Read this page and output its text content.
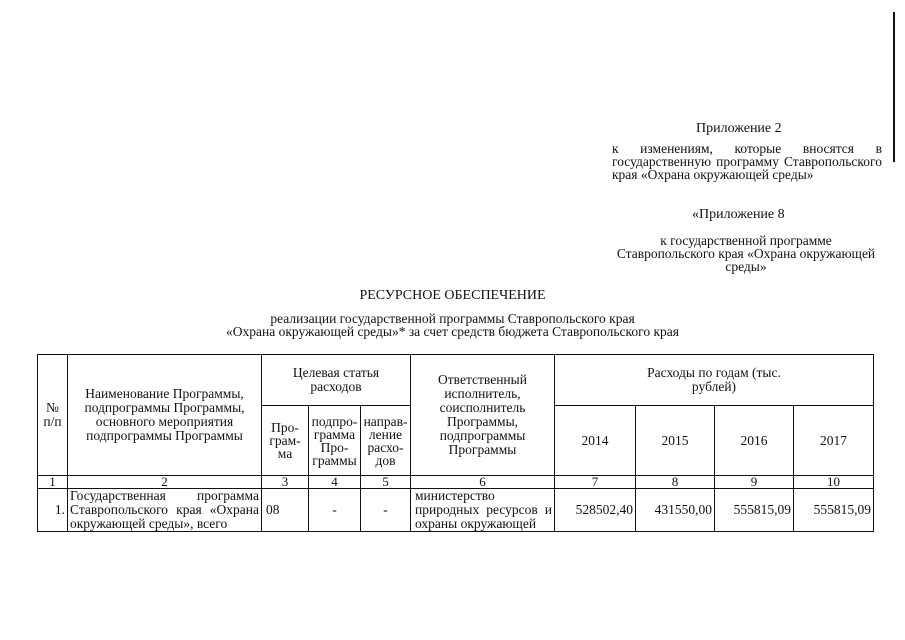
Приложение 2
к изменениям, которые вносятся в государственную программу Ставропольского края «Охрана окружающей среды»
«Приложение 8
к государственной программе Ставропольского края «Охрана окружающей среды»
РЕСУРСНОЕ ОБЕСПЕЧЕНИЕ
реализации государственной программы Ставропольского края
«Охрана окружающей среды»* за счет средств бюджета Ставропольского края
№ п/п	Наименование Программы, подпрограммы Программы, основного мероприятия подпрограммы Программы	Целевая статья расходов			Ответственный исполнитель, соисполнитель Программы, подпрограммы Программы	Расходы по годам (тыс. рублей)			
		Про-грам-ма	подпро-грамма Про-граммы	направ-ление расхо-дов		2014	2015	2016	2017
1	2	3	4	5	6	7	8	9	10
1.	Государственная программа Ставропольского края «Охрана окружающей среды», всего	08	-	-	министерство природных ресурсов и охраны окружающей	528502,40	431550,00	555815,09	555815,09
